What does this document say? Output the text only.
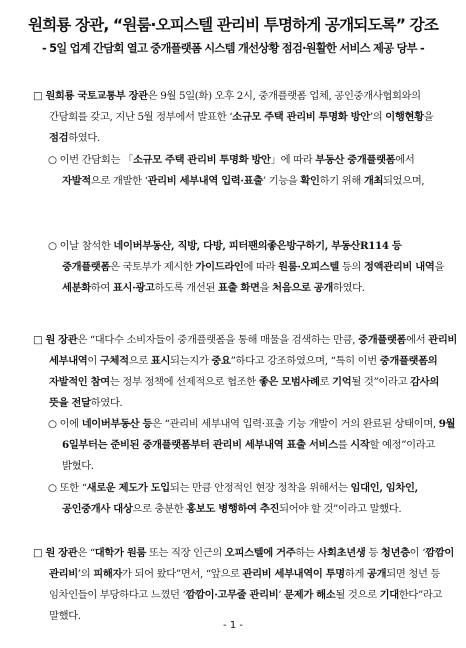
원희룡 장관, “원룸·오피스텔 관리비 투명하게 공개되도록” 강조
- 5일 업계 간담회 열고 중개플랫폼 시스템 개선상황 점검·원활한 서비스 제공 당부 -
□ 원희룡 국토교통부 장관은 9월 5일(화) 오후 2시, 중개플랫폼 업체, 공인중개사협회와의 간담회를 갖고, 지난 5월 정부에서 발표한 ‘소규모 주택 관리비 투명화 방안’의 이행현황을 점검하였다.
○ 이번 간담회는 「소규모 주택 관리비 투명화 방안」에 따라 부동산 중개플랫폼에서 자발적으로 개발한 ‘관리비 세부내역 입력·표출’ 기능을 확인하기 위해 개최되었으며,
○ 이날 참석한 네이버부동산, 직방, 다방, 피터팬의좋은방구하기, 부동산R114 등 중개플랫폼은 국토부가 제시한 가이드라인에 따라 원룸·오피스텔 등의 정액관리비 내역을 세분화하여 표시·광고하도록 개선된 표출 화면을 처음으로 공개하였다.
□ 원 장관은 “대다수 소비자들이 중개플랫폼을 통해 매물을 검색하는 만큼, 중개플랫폼에서 관리비 세부내역이 구체적으로 표시되는지가 중요”하다고 강조하였으며, “특히 이번 중개플랫폼의 자발적인 참여는 정부 정책에 선제적으로 협조한 좋은 모범사례로 기억될 것”이라고 감사의 뜻을 전달하였다.
○ 이에 네이버부동산 등은 “관리비 세부내역 입력·표출 기능 개발이 거의 완료된 상태이며, 9월 6일부터는 준비된 중개플랫폼부터 관리비 세부내역 표출 서비스를 시작할 예정”이라고 밝혔다.
○ 또한 “새로운 제도가 도입되는 만큼 안정적인 현장 정착을 위해서는 임대인, 임차인, 공인중개사 대상으로 충분한 홍보도 병행하여 추진되어야 할 것”이라고 말했다.
□ 원 장관은 “대학가 원룸 또는 직장 인근의 오피스텔에 거주하는 사회초년생 등 청년층이 ‘깜깜이 관리비’의 피해자가 되어 왔다”면서, “앞으로 관리비 세부내역이 투명하게 공개되면 청년 등 임차인들이 부당하다고 느꼈던 ‘깜깜이·고무줄 관리비’ 문제가 해소될 것으로 기대한다”라고 말했다.
- 1 -
